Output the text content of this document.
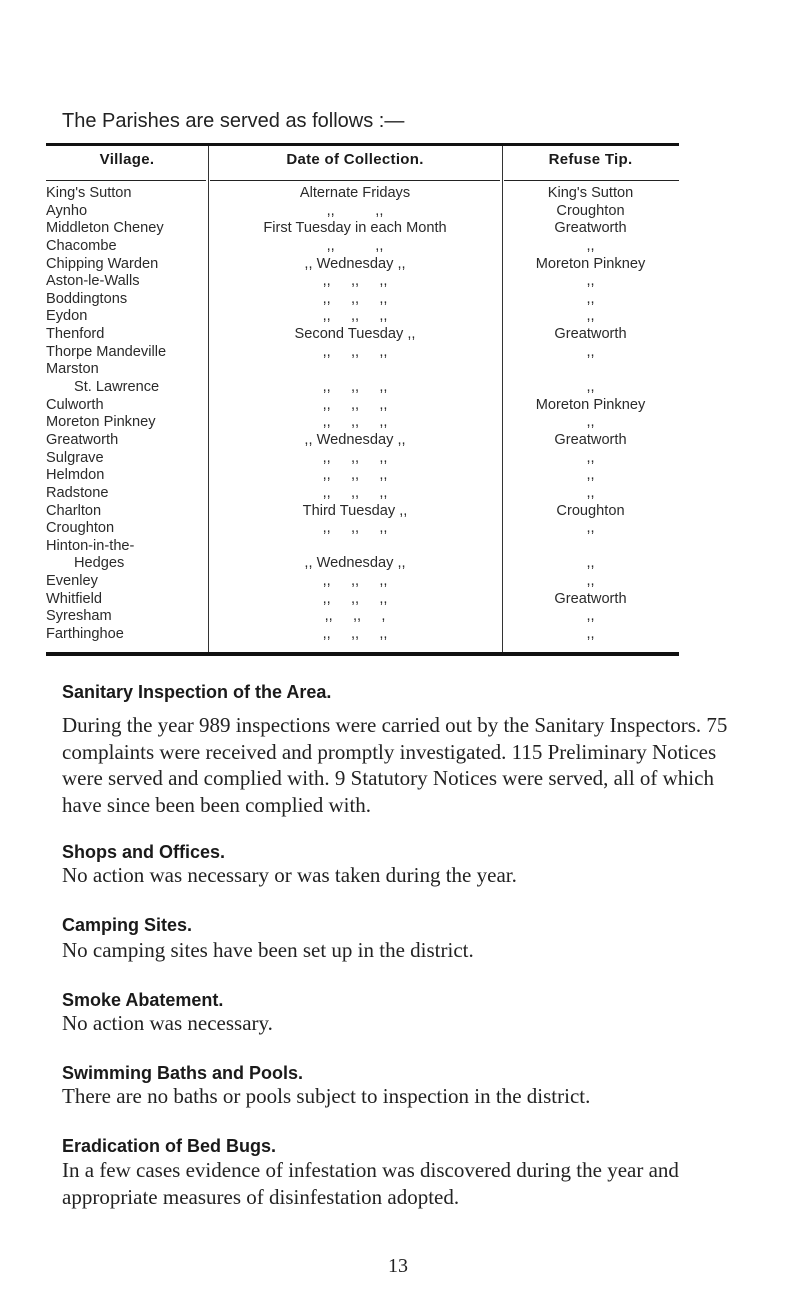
The Parishes are served as follows :—
Village.	Date of Collection.	Refuse Tip.
King's Sutton	Alternate Fridays	King's Sutton
Aynho	,,          ,,	Croughton
Middleton Cheney	First Tuesday in each Month	Greatworth
Chacombe	,,          ,,	,,
Chipping Warden	,, Wednesday ,,	Moreton Pinkney
Aston-le-Walls	,,     ,,     ,,	,,
Boddingtons	,,     ,,     ,,	,,
Eydon	,,     ,,     ,,	,,
Thenford	Second Tuesday ,,	Greatworth
Thorpe Mandeville	,,     ,,     ,,	,,
Marston
St. Lawrence	,,     ,,     ,,	,,
Culworth	,,     ,,     ,,	Moreton Pinkney
Moreton Pinkney	,,     ,,     ,,	,,
Greatworth	,, Wednesday ,,	Greatworth
Sulgrave	,,     ,,     ,,	,,
Helmdon	,,     ,,     ,,	,,
Radstone	,,     ,,     ,,	,,
Charlton	Third Tuesday ,,	Croughton
Croughton	,,     ,,     ,,	,,
Hinton-in-the-
Hedges	,, Wednesday ,,	,,
Evenley	,,     ,,     ,,	,,
Whitfield	,,     ,,     ,,	Greatworth
Syresham	,,     ,,     ,	,,
Farthinghoe	,,     ,,     ,,	,,
Sanitary Inspection of the Area.
During the year 989 inspections were carried out by the Sanitary Inspectors. 75 complaints were received and promptly investigated. 115 Preliminary Notices were served and complied with. 9 Statutory Notices were served, all of which have since been been complied with.
Shops and Offices.
No action was necessary or was taken during the year.
Camping Sites.
No camping sites have been set up in the district.
Smoke Abatement.
No action was necessary.
Swimming Baths and Pools.
There are no baths or pools subject to inspection in the district.
Eradication of Bed Bugs.
In a few cases evidence of infestation was discovered during the year and appropriate measures of disinfestation adopted.
13
